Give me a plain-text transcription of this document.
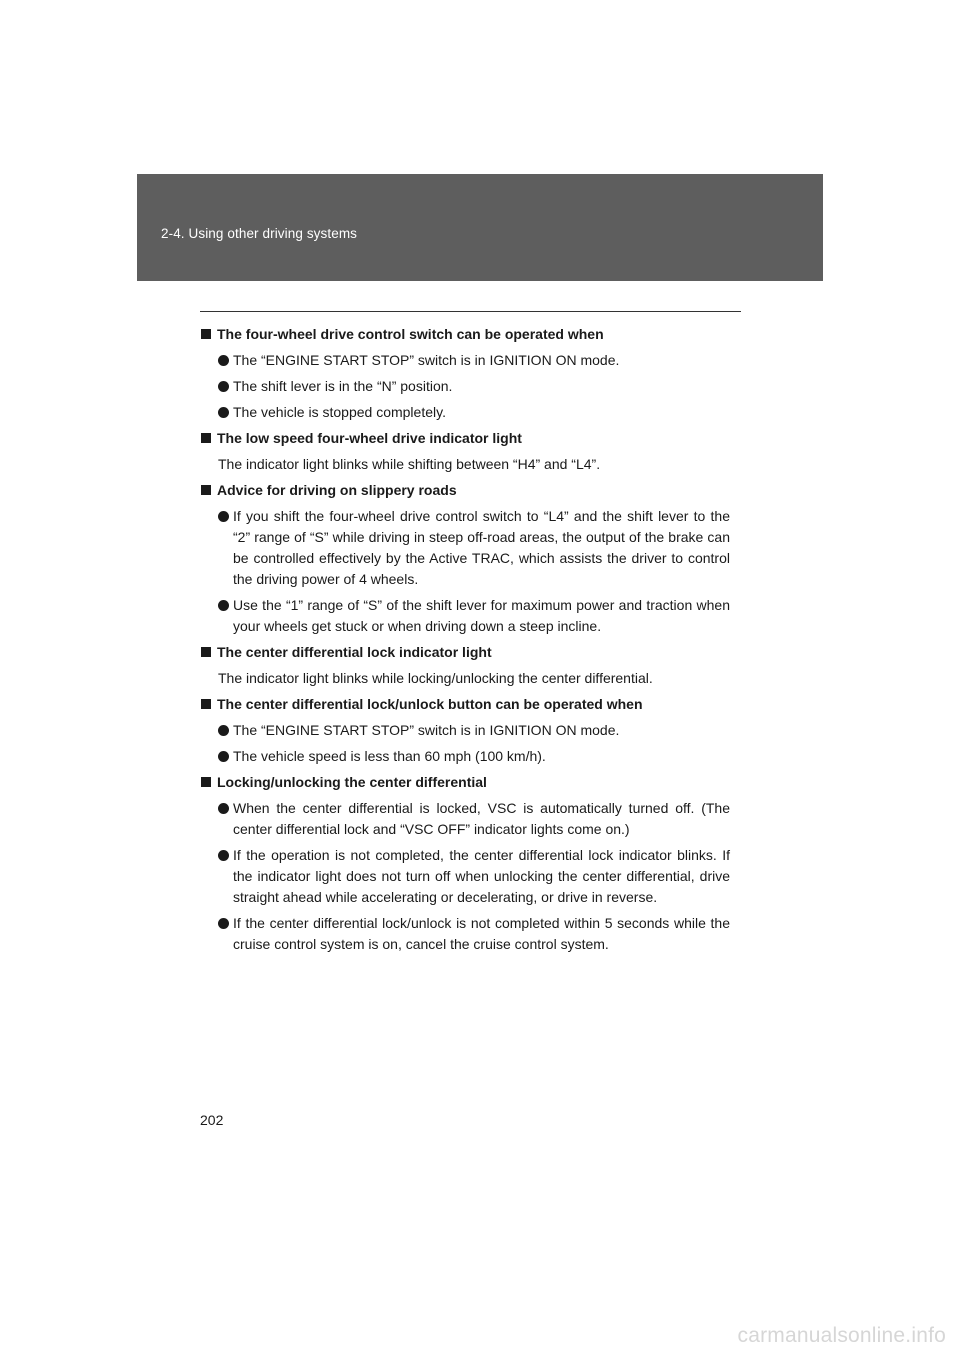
2-4. Using other driving systems
The four-wheel drive control switch can be operated when
The “ENGINE START STOP” switch is in IGNITION ON mode.
The shift lever is in the “N” position.
The vehicle is stopped completely.
The low speed four-wheel drive indicator light
The indicator light blinks while shifting between “H4” and “L4”.
Advice for driving on slippery roads
If you shift the four-wheel drive control switch to “L4” and the shift lever to the “2” range of “S” while driving in steep off-road areas, the output of the brake can be controlled effectively by the Active TRAC, which assists the driver to control the driving power of 4 wheels.
Use the “1” range of “S” of the shift lever for maximum power and traction when your wheels get stuck or when driving down a steep incline.
The center differential lock indicator light
The indicator light blinks while locking/unlocking the center differential.
The center differential lock/unlock button can be operated when
The “ENGINE START STOP” switch is in IGNITION ON mode.
The vehicle speed is less than 60 mph (100 km/h).
Locking/unlocking the center differential
When the center differential is locked, VSC is automatically turned off. (The center differential lock and “VSC OFF” indicator lights come on.)
If the operation is not completed, the center differential lock indicator blinks. If the indicator light does not turn off when unlocking the center differential, drive straight ahead while accelerating or decelerating, or drive in reverse.
If the center differential lock/unlock is not completed within 5 seconds while the cruise control system is on, cancel the cruise control system.
202
carmanualsonline.info
